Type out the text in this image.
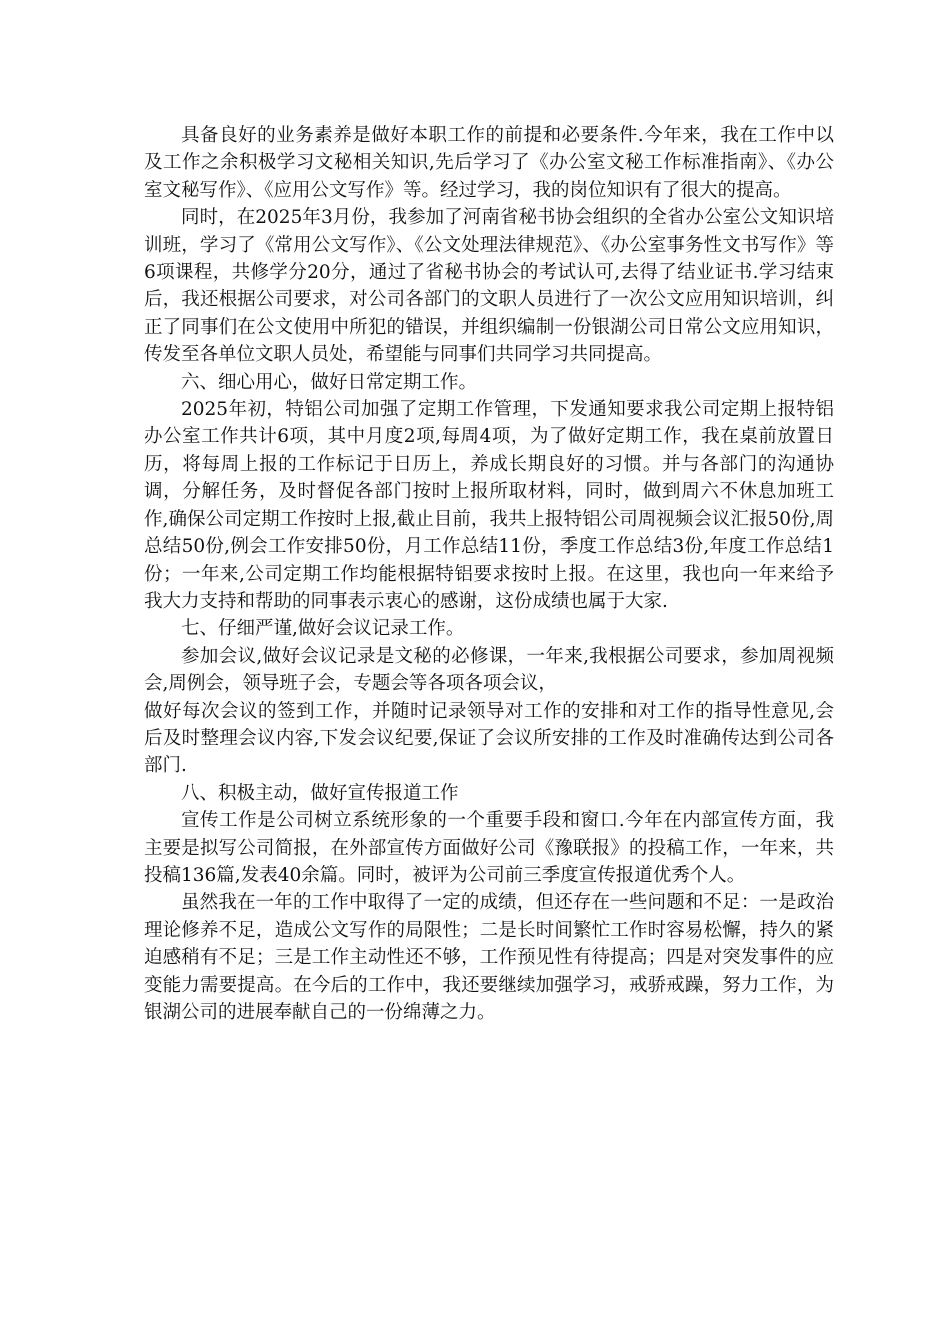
具备良好的业务素养是做好本职工作的前提和必要条件.今年来，我在工作中以及工作之余积极学习文秘相关知识,先后学习了《办公室文秘工作标准指南》、《办公室文秘写作》、《应用公文写作》等。经过学习，我的岗位知识有了很大的提高。

同时，在2025年3月份，我参加了河南省秘书协会组织的全省办公室公文知识培训班，学习了《常用公文写作》、《公文处理法律规范》、《办公室事务性文书写作》等6项课程，共修学分20分，通过了省秘书协会的考试认可,去得了结业证书.学习结束后，我还根据公司要求，对公司各部门的文职人员进行了一次公文应用知识培训，纠正了同事们在公文使用中所犯的错误，并组织编制一份银湖公司日常公文应用知识，传发至各单位文职人员处，希望能与同事们共同学习共同提高。

六、细心用心，做好日常定期工作。

2025年初，特铝公司加强了定期工作管理，下发通知要求我公司定期上报特铝办公室工作共计6项，其中月度2项,每周4项，为了做好定期工作，我在桌前放置日历，将每周上报的工作标记于日历上，养成长期良好的习惯。并与各部门的沟通协调，分解任务，及时督促各部门按时上报所取材料，同时，做到周六不休息加班工作,确保公司定期工作按时上报,截止目前，我共上报特铝公司周视频会议汇报50份,周总结50份,例会工作安排50份，月工作总结11份，季度工作总结3份,年度工作总结1份；一年来,公司定期工作均能根据特铝要求按时上报。在这里，我也向一年来给予我大力支持和帮助的同事表示衷心的感谢，这份成绩也属于大家.

七、仔细严谨,做好会议记录工作。

参加会议,做好会议记录是文秘的必修课，一年来,我根据公司要求，参加周视频会,周例会，领导班子会，专题会等各项各项会议，

做好每次会议的签到工作，并随时记录领导对工作的安排和对工作的指导性意见,会后及时整理会议内容,下发会议纪要,保证了会议所安排的工作及时准确传达到公司各部门.

八、积极主动，做好宣传报道工作

宣传工作是公司树立系统形象的一个重要手段和窗口.今年在内部宣传方面，我主要是拟写公司简报，在外部宣传方面做好公司《豫联报》的投稿工作，一年来，共投稿136篇,发表40余篇。同时，被评为公司前三季度宣传报道优秀个人。

虽然我在一年的工作中取得了一定的成绩，但还存在一些问题和不足：一是政治理论修养不足，造成公文写作的局限性；二是长时间繁忙工作时容易松懈，持久的紧迫感稍有不足；三是工作主动性还不够，工作预见性有待提高；四是对突发事件的应变能力需要提高。在今后的工作中，我还要继续加强学习，戒骄戒躁，努力工作，为银湖公司的进展奉献自己的一份绵薄之力。
